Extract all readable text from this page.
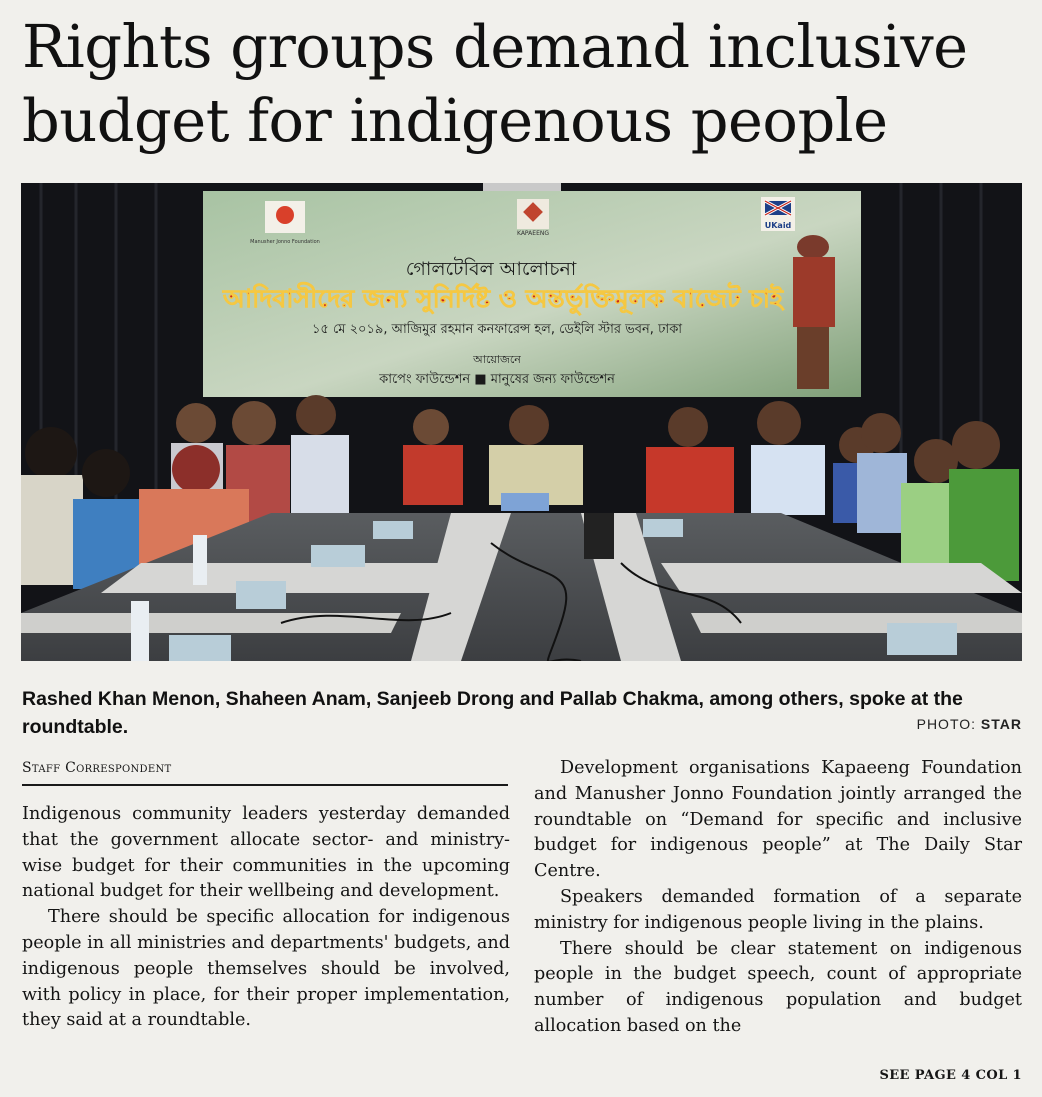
Rights groups demand inclusive budget for indigenous people
গোলটেবিল আলোচনা
আদিবাসীদের জন্য সুনির্দিষ্ট ও অন্তর্ভুক্তিমূলক বাজেট চাই
১৫ মে ২০১৯, আজিমুর রহমান কনফারেন্স হল, ডেইলি স্টার ভবন, ঢাকা
আয়োজনে
কাপেং ফাউন্ডেশন ■ মানুষের জন্য ফাউন্ডেশন
Manusher Jonno Foundation
KAPAEENG
UKaid

Rashed Khan Menon, Shaheen Anam, Sanjeeb Drong and Pallab Chakma, among others, spoke at the roundtable.	PHOTO: STAR
Staff Correspondent

Indigenous community leaders yesterday demanded that the government allocate sector- and ministry-wise budget for their communities in the upcoming national budget for their wellbeing and development.

There should be specific allocation for indigenous people in all ministries and departments' budgets, and indigenous people themselves should be involved, with policy in place, for their proper implementation, they said at a roundtable.

Development organisations Kapaeeng Foundation and Manusher Jonno Foundation jointly arranged the roundtable on “Demand for specific and inclusive budget for indigenous people” at The Daily Star Centre.

Speakers demanded formation of a separate ministry for indigenous people living in the plains.

There should be clear statement on indigenous people in the budget speech, count of appropriate number of indigenous population and budget allocation based on the

SEE PAGE 4 COL 1
